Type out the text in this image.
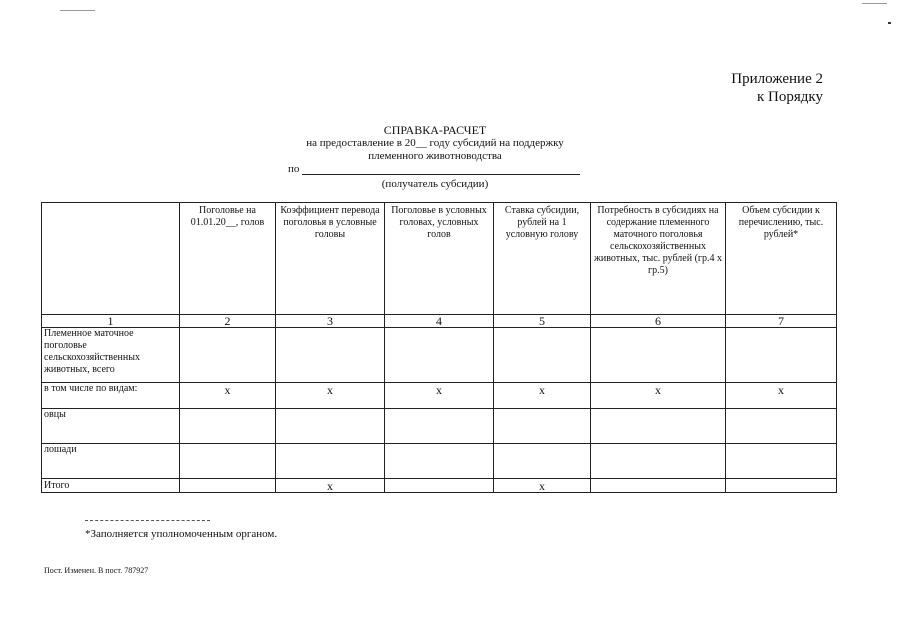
Приложение 2
к Порядку
СПРАВКА-РАСЧЕТ
на предоставление в 20__ году субсидий на поддержку
племенного животноводства
по
(получатель субсидии)
	Поголовье на 01.01.20__, голов	Коэффициент перевода поголовья в условные головы	Поголовье в условных головах, условных голов	Ставка субсидии, рублей на 1 условную голову	Потребность в субсидиях на содержание племенного маточного поголовья сельскохозяйственных животных, тыс. рублей (гр.4 х гр.5)	Объем субсидии к перечислению, тыс. рублей*
1	2	3	4	5	6	7
Племенное маточное поголовье сельскохозяйственных животных, всего						
в том числе по видам:	х	х	х	х	х	х
овцы						
лошади						
Итого		х		х		
*Заполняется уполномоченным органом.
Пост. Изменен. В пост. 787927
